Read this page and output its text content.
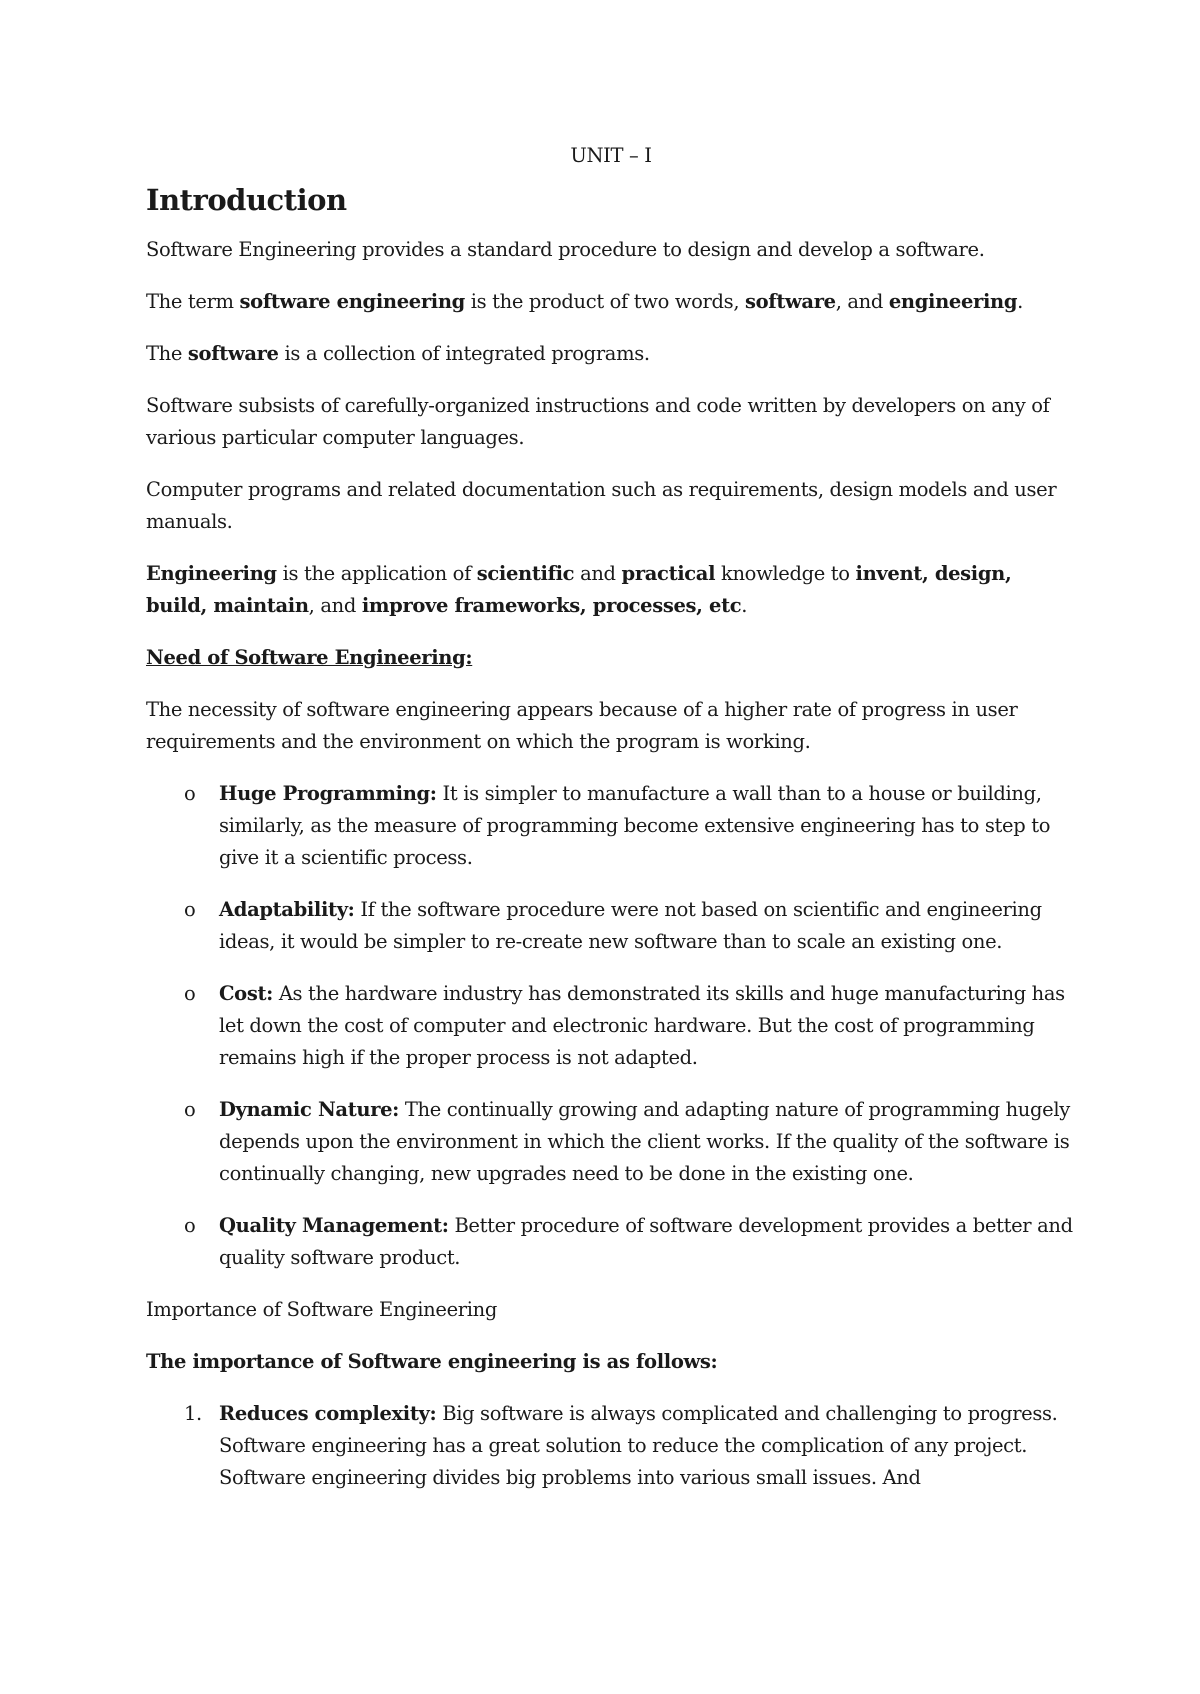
UNIT – I
Introduction

Software Engineering provides a standard procedure to design and develop a software.

The term software engineering is the product of two words, software, and engineering.

The software is a collection of integrated programs.

Software subsists of carefully-organized instructions and code written by developers on any of various particular computer languages.

Computer programs and related documentation such as requirements, design models and user manuals.

Engineering is the application of scientific and practical knowledge to invent, design, build, maintain, and improve frameworks, processes, etc.

Need of Software Engineering:

The necessity of software engineering appears because of a higher rate of progress in user requirements and the environment on which the program is working.

o Huge Programming: It is simpler to manufacture a wall than to a house or building, similarly, as the measure of programming become extensive engineering has to step to give it a scientific process.
o Adaptability: If the software procedure were not based on scientific and engineering ideas, it would be simpler to re-create new software than to scale an existing one.
o Cost: As the hardware industry has demonstrated its skills and huge manufacturing has let down the cost of computer and electronic hardware. But the cost of programming remains high if the proper process is not adapted.
o Dynamic Nature: The continually growing and adapting nature of programming hugely depends upon the environment in which the client works. If the quality of the software is continually changing, new upgrades need to be done in the existing one.
o Quality Management: Better procedure of software development provides a better and quality software product.

Importance of Software Engineering

The importance of Software engineering is as follows:

1. Reduces complexity: Big software is always complicated and challenging to progress. Software engineering has a great solution to reduce the complication of any project. Software engineering divides big problems into various small issues. And
